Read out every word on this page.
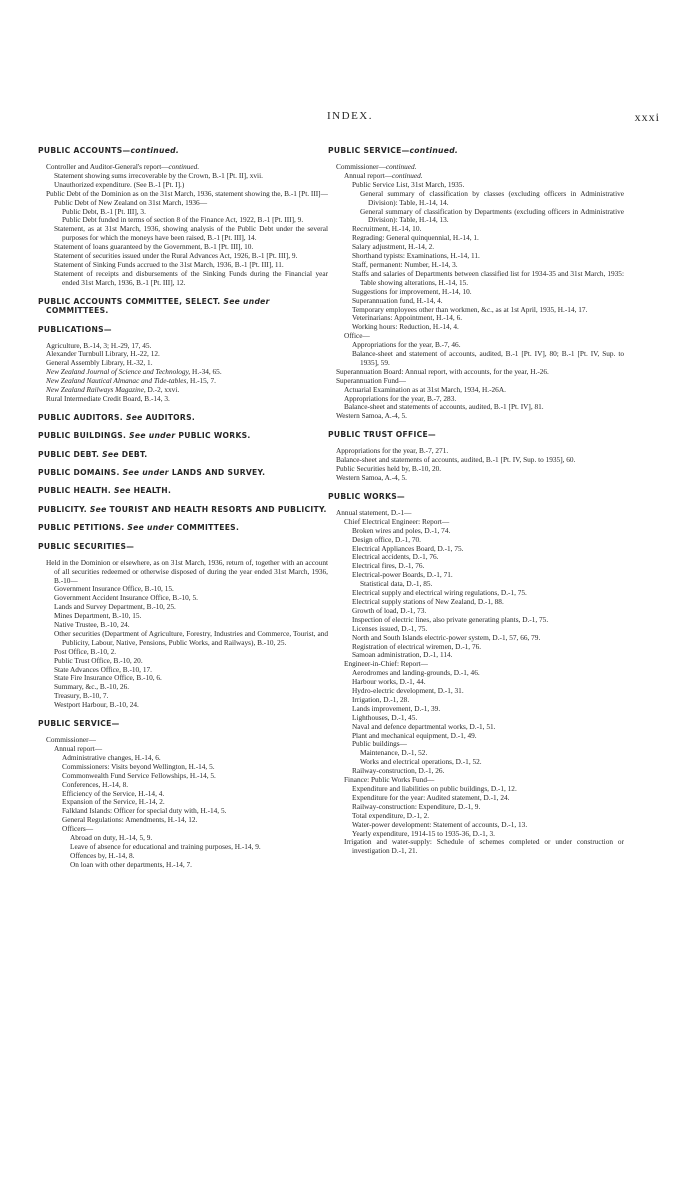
INDEX.	xxxi

PUBLIC ACCOUNTS—continued.

Controller and Auditor-General's report—continued.

Statement showing sums irrecoverable by the Crown, B.-1 [Pt. II], xvii.

Unauthorized expenditure. (See B.-1 [Pt. I].)

Public Debt of the Dominion as on the 31st March, 1936, statement showing the, B.-1 [Pt. III]—

Public Debt of New Zealand on 31st March, 1936—

Public Debt, B.-1 [Pt. III], 3.

Public Debt funded in terms of section 8 of the Finance Act, 1922, B.-1 [Pt. III], 9.

Statement, as at 31st March, 1936, showing analysis of the Public Debt under the several purposes for which the moneys have been raised, B.-1 [Pt. III], 14.

Statement of loans guaranteed by the Government, B.-1 [Pt. III], 10.

Statement of securities issued under the Rural Advances Act, 1926, B.-1 [Pt. III], 9.

Statement of Sinking Funds accrued to the 31st March, 1936, B.-1 [Pt. III], 11.

Statement of receipts and disbursements of the Sinking Funds during the Financial year ended 31st March, 1936, B.-1 [Pt. III], 12.

PUBLIC ACCOUNTS COMMITTEE, SELECT. See under COMMITTEES.

PUBLICATIONS—

Agriculture, B.-14, 3; H.-29, 17, 45.

Alexander Turnbull Library, H.-22, 12.

General Assembly Library, H.-32, 1.

New Zealand Journal of Science and Technology, H.-34, 65.

New Zealand Nautical Almanac and Tide-tables, H.-15, 7.

New Zealand Railways Magazine, D.-2, xxvi.

Rural Intermediate Credit Board, B.-14, 3.

PUBLIC AUDITORS. See AUDITORS.

PUBLIC BUILDINGS. See under PUBLIC WORKS.

PUBLIC DEBT. See DEBT.

PUBLIC DOMAINS. See under LANDS AND SURVEY.

PUBLIC HEALTH. See HEALTH.

PUBLICITY. See TOURIST AND HEALTH RESORTS AND PUBLICITY.

PUBLIC PETITIONS. See under COMMITTEES.

PUBLIC SECURITIES—

Held in the Dominion or elsewhere, as on 31st March, 1936, return of, together with an account of all securities redeemed or otherwise disposed of during the year ended 31st March, 1936, B.-10—

Government Insurance Office, B.-10, 15.

Government Accident Insurance Office, B.-10, 5.

Lands and Survey Department, B.-10, 25.

Mines Department, B.-10, 15.

Native Trustee, B.-10, 24.

Other securities (Department of Agriculture, Forestry, Industries and Commerce, Tourist, and Publicity, Labour, Native, Pensions, Public Works, and Railways), B.-10, 25.

Post Office, B.-10, 2.

Public Trust Office, B.-10, 20.

State Advances Office, B.-10, 17.

State Fire Insurance Office, B.-10, 6.

Summary, &c., B.-10, 26.

Treasury, B.-10, 7.

Westport Harbour, B.-10, 24.

PUBLIC SERVICE—

Commissioner—

Annual report—

Administrative changes, H.-14, 6.

Commissioners: Visits beyond Wellington, H.-14, 5.

Commonwealth Fund Service Fellowships, H.-14, 5.

Conferences, H.-14, 8.

Efficiency of the Service, H.-14, 4.

Expansion of the Service, H.-14, 2.

Falkland Islands: Officer for special duty with, H.-14, 5.

General Regulations: Amendments, H.-14, 12.

Officers—

Abroad on duty, H.-14, 5, 9.

Leave of absence for educational and training purposes, H.-14, 9.

Offences by, H.-14, 8.

On loan with other departments, H.-14, 7.

PUBLIC SERVICE—continued.

Commissioner—continued.

Annual report—continued.

Public Service List, 31st March, 1935.

General summary of classification by classes (excluding officers in Administrative Division): Table, H.-14, 14.

General summary of classification by Departments (excluding officers in Administrative Division): Table, H.-14, 13.

Recruitment, H.-14, 10.

Regrading: General quinquennial, H.-14, 1.

Salary adjustment, H.-14, 2.

Shorthand typists: Examinations, H.-14, 11.

Staff, permanent: Number, H.-14, 3.

Staffs and salaries of Departments between classified list for 1934-35 and 31st March, 1935: Table showing alterations, H.-14, 15.

Suggestions for improvement, H.-14, 10.

Superannuation fund, H.-14, 4.

Temporary employees other than workmen, &c., as at 1st April, 1935, H.-14, 17.

Veterinarians: Appointment, H.-14, 6.

Working hours: Reduction, H.-14, 4.

Office—

Appropriations for the year, B.-7, 46.

Balance-sheet and statement of accounts, audited, B.-1 [Pt. IV], 80; B.-1 [Pt. IV, Sup. to 1935], 59.

Superannuation Board: Annual report, with accounts, for the year, H.-26.

Superannuation Fund—

Actuarial Examination as at 31st March, 1934, H.-26A.

Appropriations for the year, B.-7, 283.

Balance-sheet and statements of accounts, audited, B.-1 [Pt. IV], 81.

Western Samoa, A.-4, 5.

PUBLIC TRUST OFFICE—

Appropriations for the year, B.-7, 271.

Balance-sheet and statements of accounts, audited, B.-1 [Pt. IV, Sup. to 1935], 60.

Public Securities held by, B.-10, 20.

Western Samoa, A.-4, 5.

PUBLIC WORKS—

Annual statement, D.-1—

Chief Electrical Engineer: Report—

Broken wires and poles, D.-1, 74.

Design office, D.-1, 70.

Electrical Appliances Board, D.-1, 75.

Electrical accidents, D.-1, 76.

Electrical fires, D.-1, 76.

Electrical-power Boards, D.-1, 71.

Statistical data, D.-1, 85.

Electrical supply and electrical wiring regulations, D.-1, 75.

Electrical supply stations of New Zealand, D.-1, 88.

Growth of load, D.-1, 73.

Inspection of electric lines, also private generating plants, D.-1, 75.

Licenses issued, D.-1, 75.

North and South Islands electric-power system, D.-1, 57, 66, 79.

Registration of electrical wiremen, D.-1, 76.

Samoan administration, D.-1, 114.

Engineer-in-Chief: Report—

Aerodromes and landing-grounds, D.-1, 46.

Harbour works, D.-1, 44.

Hydro-electric development, D.-1, 31.

Irrigation, D.-1, 28.

Lands improvement, D.-1, 39.

Lighthouses, D.-1, 45.

Naval and defence departmental works, D.-1, 51.

Plant and mechanical equipment, D.-1, 49.

Public buildings—

Maintenance, D.-1, 52.

Works and electrical operations, D.-1, 52.

Railway-construction, D.-1, 26.

Finance: Public Works Fund—

Expenditure and liabilities on public buildings, D.-1, 12.

Expenditure for the year: Audited statement, D.-1, 24.

Railway-construction: Expenditure, D.-1, 9.

Total expenditure, D.-1, 2.

Water-power development: Statement of accounts, D.-1, 13.

Yearly expenditure, 1914-15 to 1935-36, D.-1, 3.

Irrigation and water-supply: Schedule of schemes completed or under construction or investigation D.-1, 21.
